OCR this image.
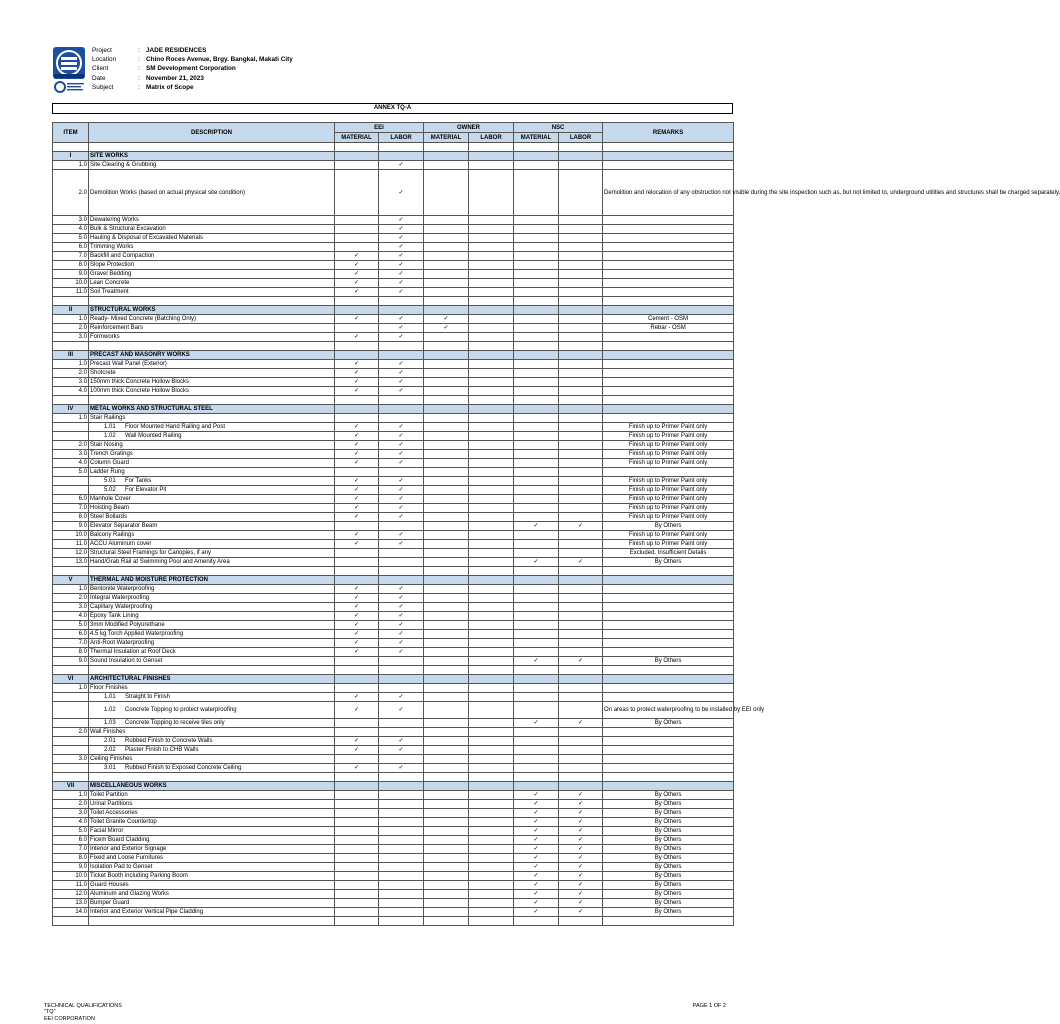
Project	: JADE RESIDENCES
Location	: Chino Roces Avenue, Brgy. Bangkal, Makati City
Client	: SM Development Corporation
Date	: November 21, 2023
Subject	: Matrix of Scope
ANNEX TQ-A
ITEM	DESCRIPTION	EEI		OWNER		NSC		REMARKS
		MATERIAL	LABOR	MATERIAL	LABOR	MATERIAL	LABOR	

I	SITE WORKS							
1.0	Site Clearing & Grubbing		✓					
2.0	Demolition Works (based on actual physical site condition)		✓					Demolition and relocation of any obstruction not visible during the site inspection such as, but not limited to, underground utilities and structures shall be charged separately.
3.0	Dewatering Works		✓					
4.0	Bulk & Structural Excavation		✓					
5.0	Hauling & Disposal of Excavated Materials		✓					
6.0	Trimming Works		✓					
7.0	Backfill and Compaction	✓	✓					
8.0	Slope Protection	✓	✓					
9.0	Gravel Bedding	✓	✓					
10.0	Lean Concrete	✓	✓					
11.0	Soil Treatment	✓	✓					

II	STRUCTURAL WORKS							
1.0	Ready- Mixed Concrete (Batching Only)	✓	✓	✓				Cement - OSM
2.0	Reinforcement Bars		✓	✓				Rebar - OSM
3.0	Formworks	✓	✓					

III	PRECAST AND MASONRY WORKS							
1.0	Precast Wall Panel (Exterior)	✓	✓					
2.0	Shotcrete	✓	✓					
3.0	150mm thick Concrete Hollow Blocks	✓	✓					
4.0	100mm thick Concrete Hollow Blocks	✓	✓					

IV	METAL WORKS AND STRUCTURAL STEEL							
1.0	Stair Railings							
	1.01 Floor Mounted Hand Railing and Post	✓	✓					Finish up to Primer Paint only
	1.02 Wall Mounted Railing	✓	✓					Finish up to Primer Paint only
2.0	Stair Nosing	✓	✓					Finish up to Primer Paint only
3.0	Trench Gratings	✓	✓					Finish up to Primer Paint only
4.0	Column Guard	✓	✓					Finish up to Primer Paint only
5.0	Ladder Rung							
	5.01 For Tanks	✓	✓					Finish up to Primer Paint only
	5.02 For Elevator Pit	✓	✓					Finish up to Primer Paint only
6.0	Manhole Cover	✓	✓					Finish up to Primer Paint only
7.0	Hoisting Beam	✓	✓					Finish up to Primer Paint only
8.0	Steel Bollards	✓	✓					Finish up to Primer Paint only
9.0	Elevator Separator Beam					✓	✓	By Others
10.0	Balcony Railings	✓	✓					Finish up to Primer Paint only
11.0	ACCU Aluminum cover	✓	✓					Finish up to Primer Paint only
12.0	Structural Steel Framings for Canopies, if any							Excluded. Insufficient Details
13.0	Hand/Grab Rail at Swimming Pool and Amenity Area					✓	✓	By Others

V	THERMAL AND MOISTURE PROTECTION							
1.0	Bentonite Waterproofing	✓	✓					
2.0	Integral Waterproofing	✓	✓					
3.0	Capillary Waterproofing	✓	✓					
4.0	Epoxy Tank Lining	✓	✓					
5.0	3mm Modified Polyurethane	✓	✓					
6.0	4.5 kg Torch Applied Waterproofing	✓	✓					
7.0	Anti-Root Waterproofing	✓	✓					
8.0	Thermal Insulation at Roof Deck	✓	✓					
9.0	Sound Insulation to Genset					✓	✓	By Others

VI	ARCHITECTURAL FINISHES							
1.0	Floor Finishes							
	1.01 Straight to Finish	✓	✓					
	1.02 Concrete Topping to protect waterproofing	✓	✓					On areas to protect waterproofing to be installed by EEI only
	1.03 Concrete Topping to receive tiles only					✓	✓	By Others
2.0	Wall Finishes							
	2.01 Rubbed Finish to Concrete Walls	✓	✓					
	2.02 Plaster Finish to CHB Walls	✓	✓					
3.0	Ceiling Finishes							
	3.01 Rubbed Finish to Exposed Concrete Ceiling	✓	✓					

VII	MISCELLANEOUS WORKS							
1.0	Toilet Partition					✓	✓	By Others
2.0	Urinal Partitions					✓	✓	By Others
3.0	Toilet Accessories					✓	✓	By Others
4.0	Toilet Granite Countertop					✓	✓	By Others
5.0	Facial Mirror					✓	✓	By Others
6.0	Ficem Board Cladding					✓	✓	By Others
7.0	Interior and Exterior Signage					✓	✓	By Others
8.0	Fixed and Loose Furnitures					✓	✓	By Others
9.0	Isolation Pad to Genset					✓	✓	By Others
10.0	Ticket Booth including Parking Boom					✓	✓	By Others
11.0	Guard Houses					✓	✓	By Others
12.0	Aluminum and Glazing Works					✓	✓	By Others
13.0	Bumper Guard					✓	✓	By Others
14.0	Interior and Exterior Vertical Pipe Cladding					✓	✓	By Others

TECHNICAL QUALIFICATIONS
"TQ"
EEI CORPORATION
PAGE 1 OF 2
